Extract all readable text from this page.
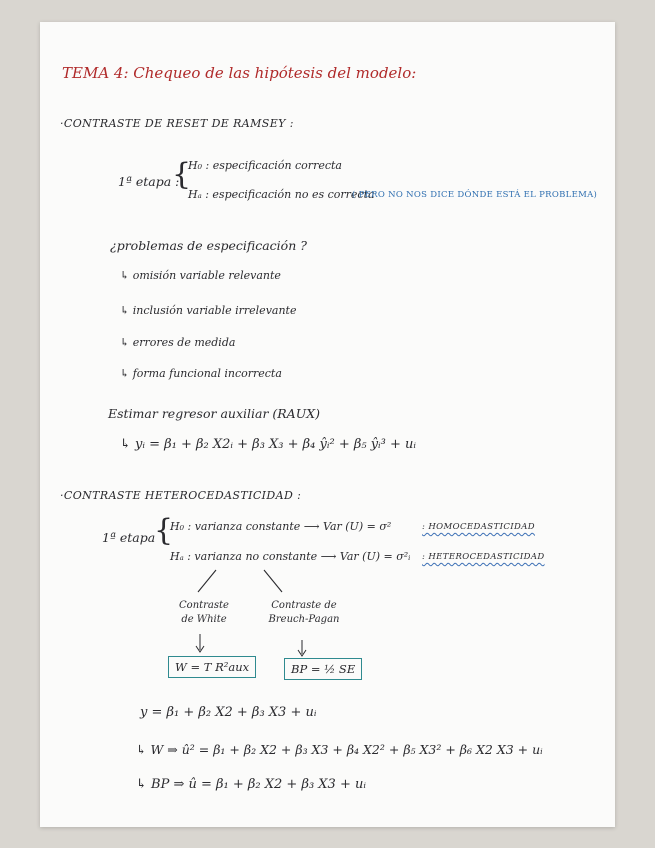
TEMA 4: Chequeo de las hipótesis del modelo:
·CONTRASTE DE RESET DE RAMSEY :
1ª etapa :
{
H₀ : especificación correcta
Hₐ : especificación no es correcta
( PERO NO NOS DICE DÓNDE ESTÁ EL PROBLEMA)
¿problemas de especificación ?
↳ omisión variable relevante
↳ inclusión variable irrelevante
↳ errores de medida
↳ forma funcional incorrecta
Estimar regresor auxiliar (RAUX)
↳ yᵢ = β₁ + β₂ X2ᵢ + β₃ X₃ + β₄ ŷᵢ² + β₅ ŷᵢ³ + uᵢ
·CONTRASTE HETEROCEDASTICIDAD :
1ª etapa
{
H₀ : varianza constante ⟶ Var (U) = σ²	: HOMOCEDASTICIDAD
Hₐ : varianza no constante ⟶ Var (U) = σ²ᵢ : HETEROCEDASTICIDAD
Contraste de White
Contraste de Breuch-Pagan
W = T R²aux	BP = ½ SE
y = β₁ + β₂ X2 + β₃ X3 + uᵢ
↳ W ⇒ û² = β₁ + β₂ X2 + β₃ X3 + β₄ X2² + β₅ X3² + β₆ X2 X3 + uᵢ
↳ BP ⇒ û = β₁ + β₂ X2 + β₃ X3 + uᵢ
